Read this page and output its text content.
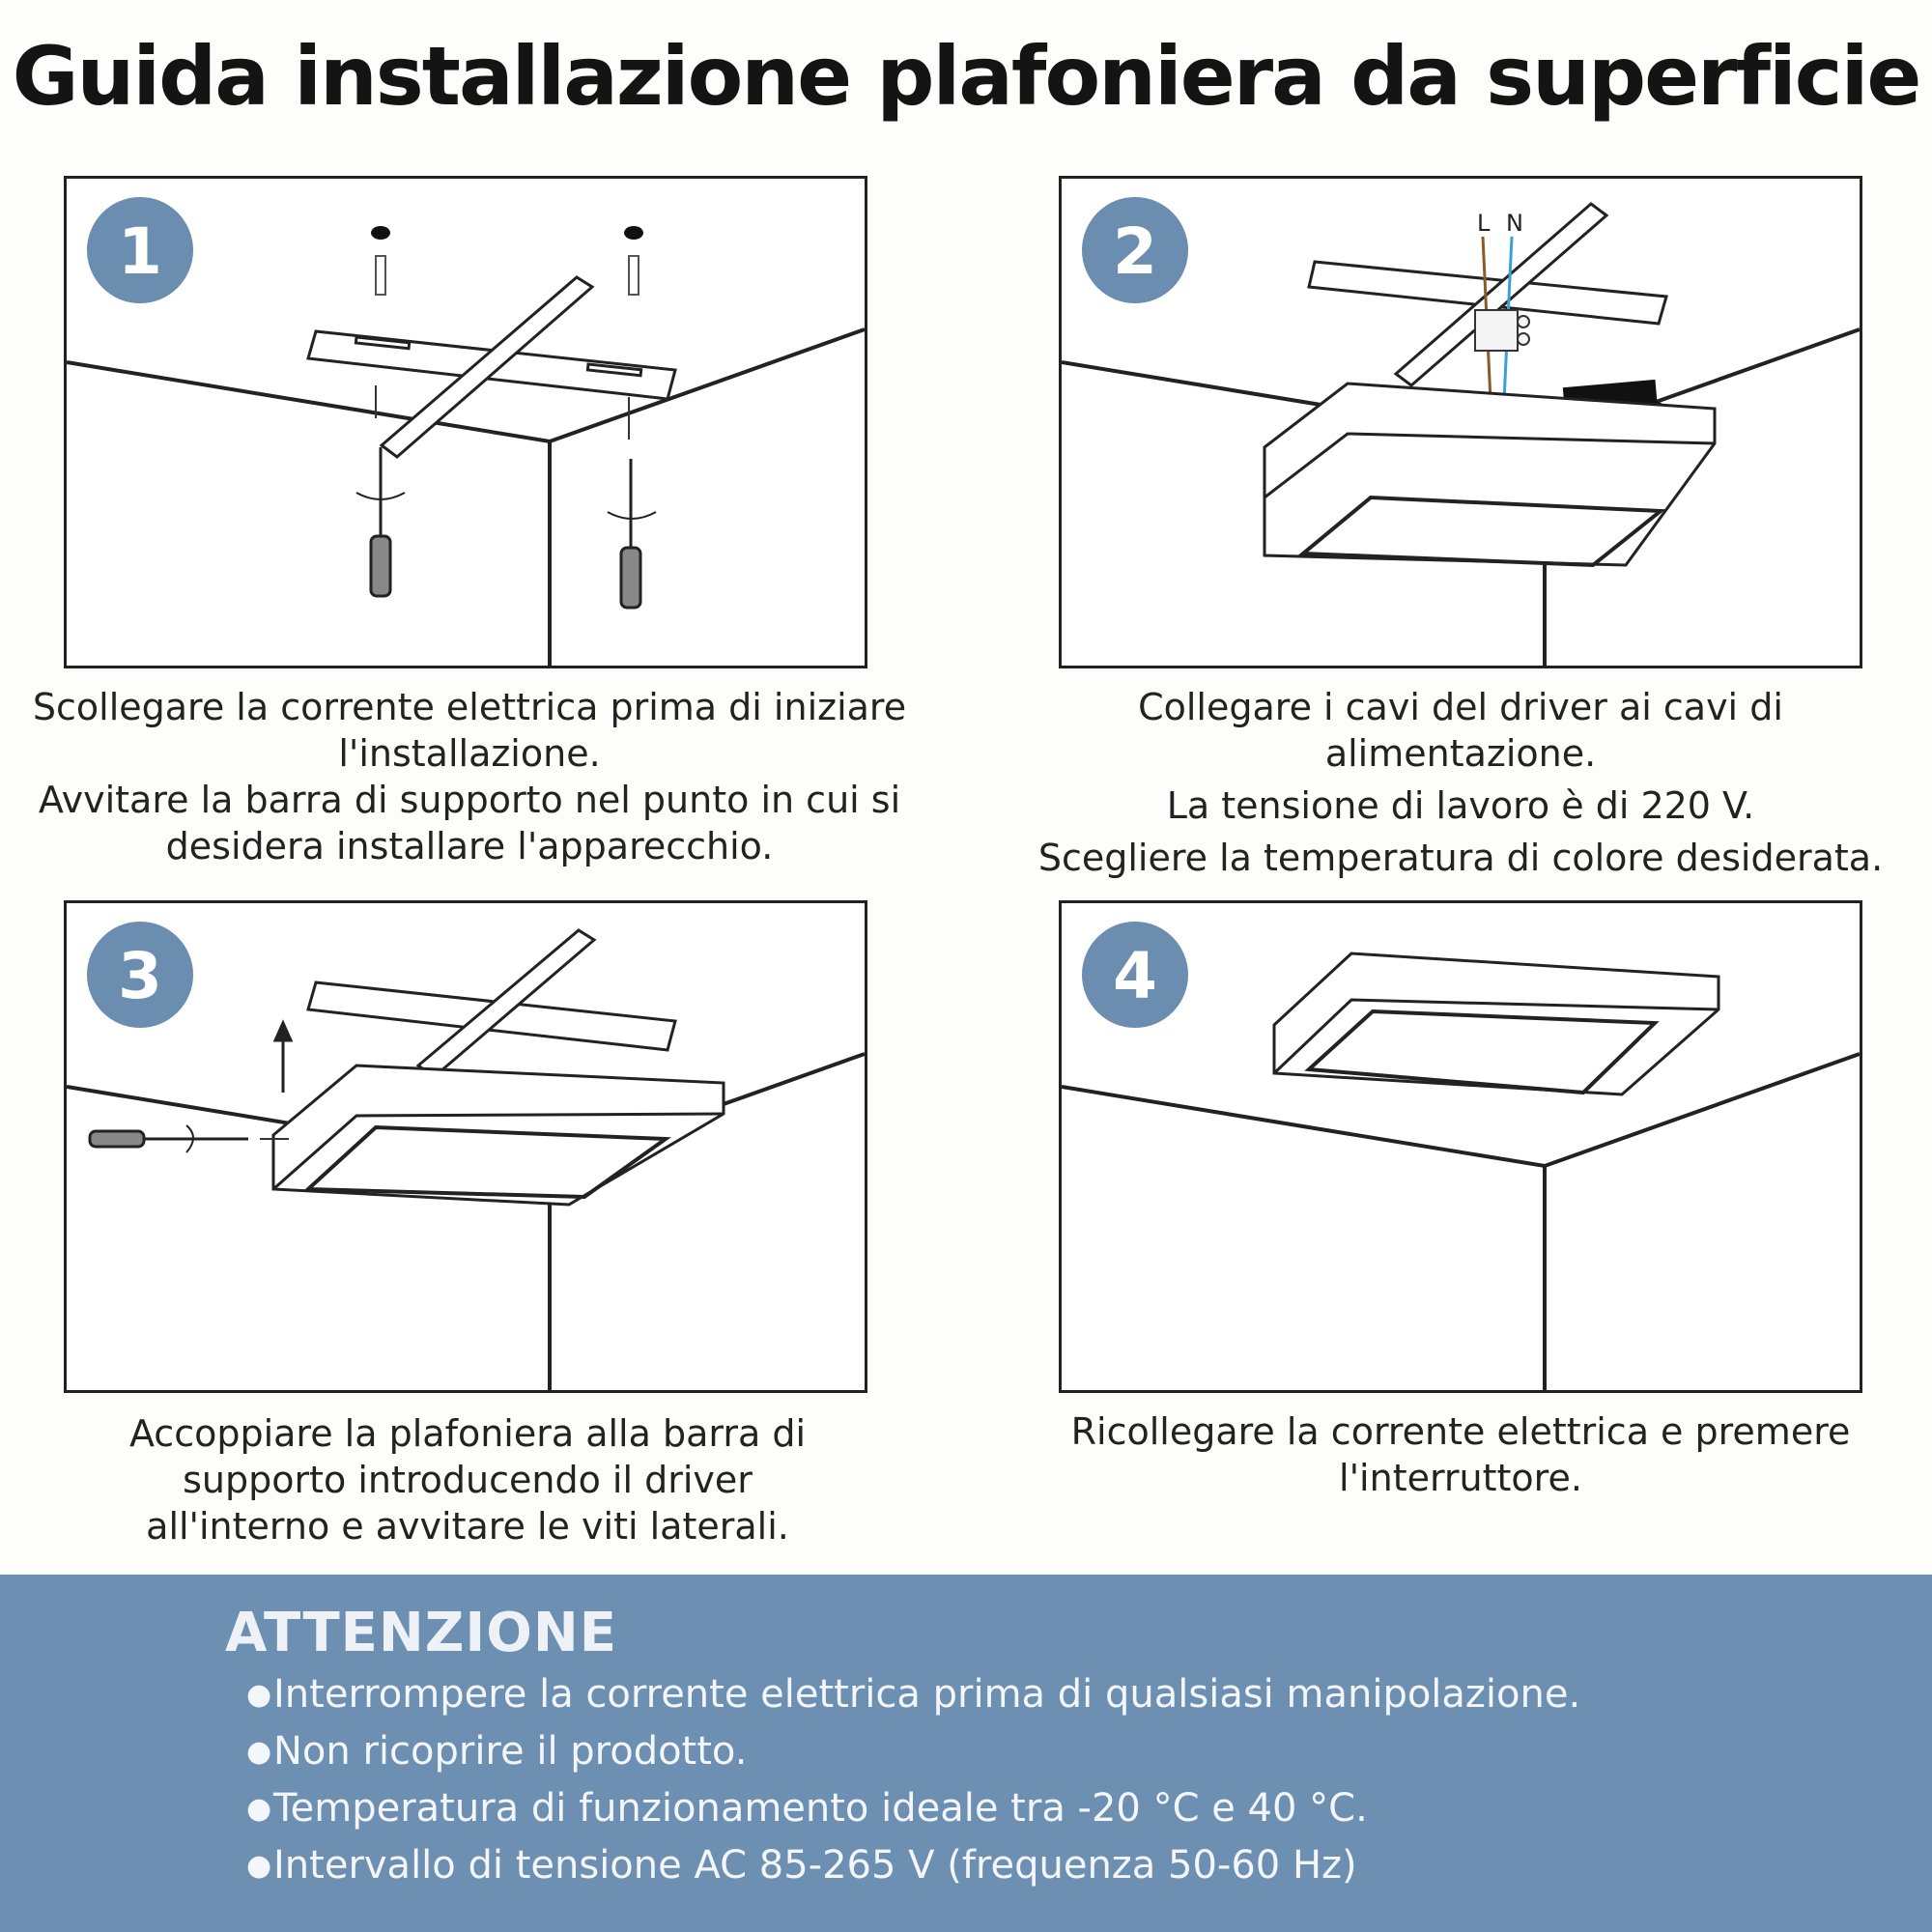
Guida installazione plafoniera da superficie
1

Scollegare la corrente elettrica prima di iniziare

l'installazione.

Avvitare la barra di supporto nel punto in cui si

desidera installare l'apparecchio.

2	L N

Collegare i cavi del driver ai cavi di

alimentazione.

La tensione di lavoro è di 220 V.

Scegliere la temperatura di colore desiderata.

3

Accoppiare la plafoniera alla barra di

supporto introducendo il driver

all'interno e avvitare le viti laterali.

4

Ricollegare la corrente elettrica e premere

l'interruttore.

ATTENZIONE
●Interrompere la corrente elettrica prima di qualsiasi manipolazione.
●Non ricoprire il prodotto.
●Temperatura di funzionamento ideale tra -20 °C e 40 °C.
●Intervallo di tensione AC 85-265 V (frequenza 50-60 Hz)
